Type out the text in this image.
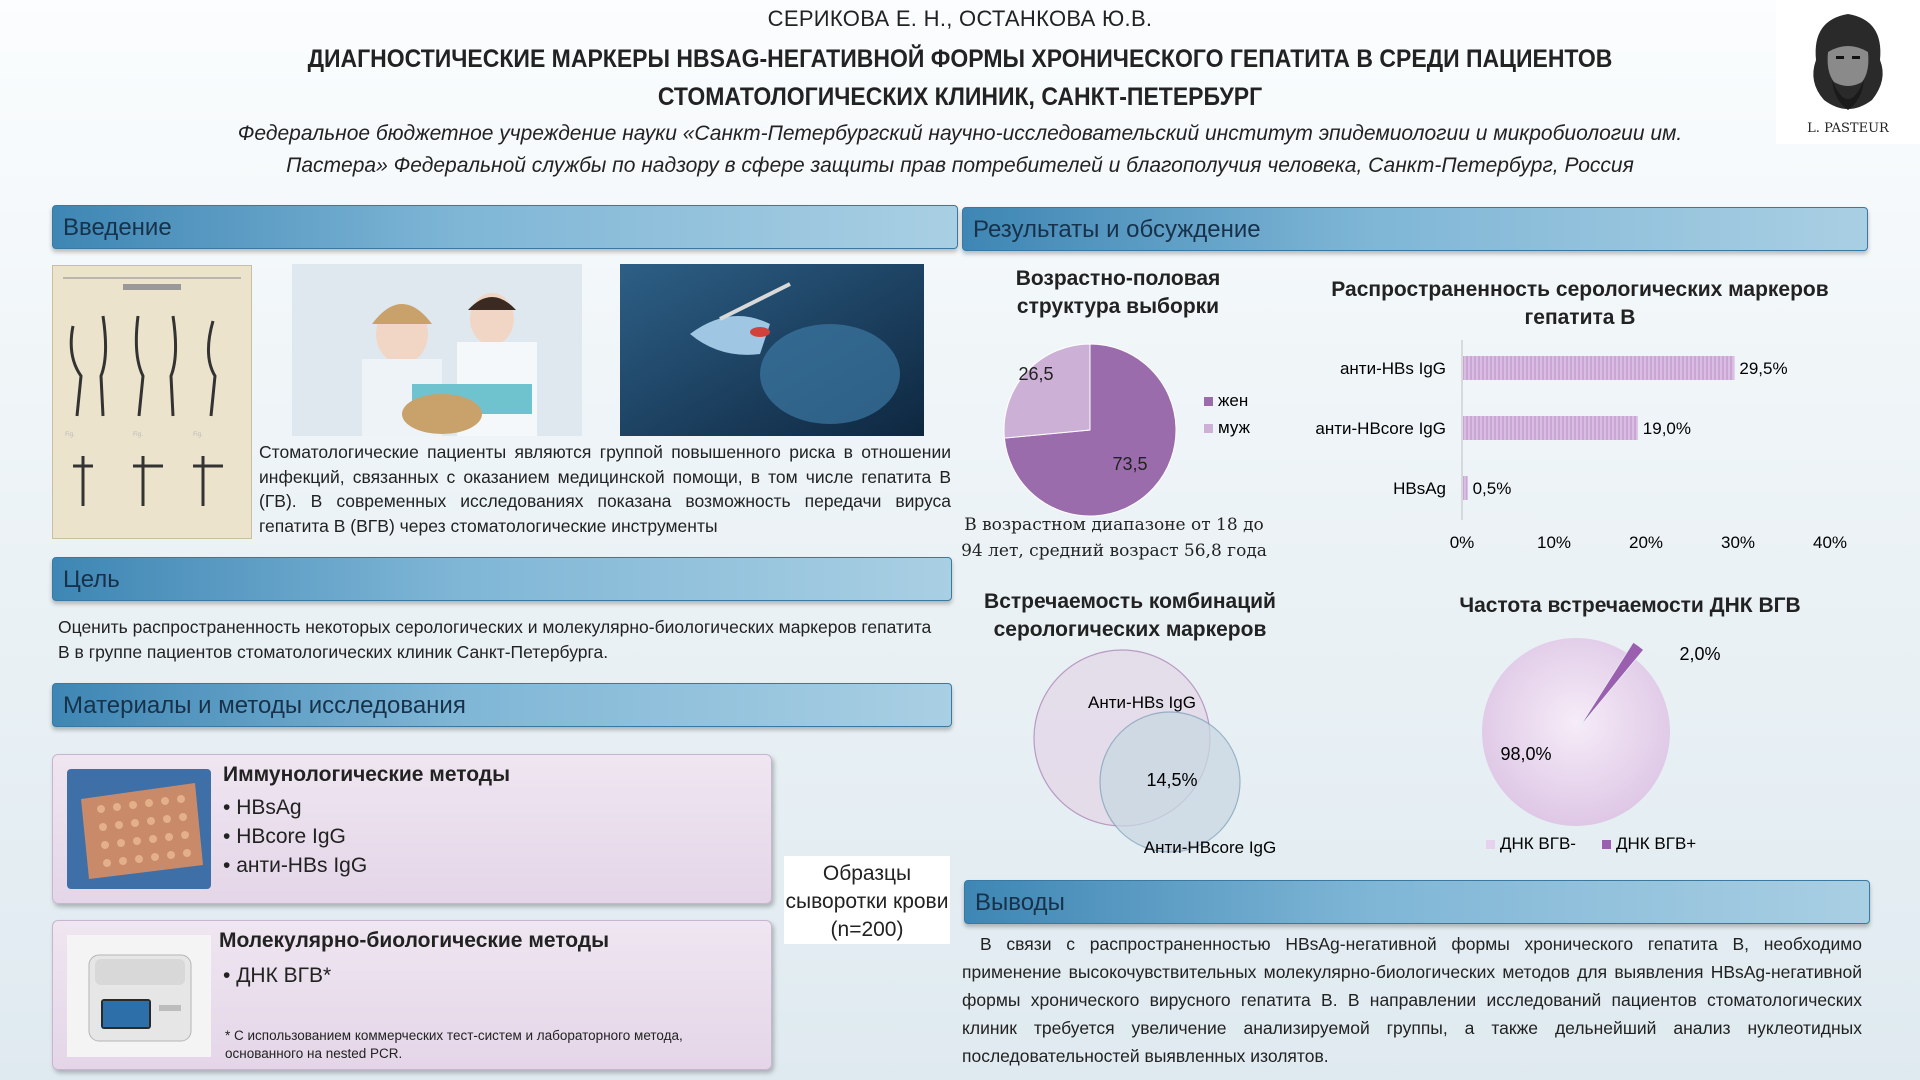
СЕРИКОВА Е. Н., ОСТАНКОВА Ю.В.
ДИАГНОСТИЧЕСКИЕ МАРКЕРЫ HBSAG-НЕГАТИВНОЙ ФОРМЫ ХРОНИЧЕСКОГО ГЕПАТИТА В СРЕДИ ПАЦИЕНТОВ
СТОМАТОЛОГИЧЕСКИХ КЛИНИК, САНКТ-ПЕТЕРБУРГ
Федеральное бюджетное учреждение науки «Санкт-Петербургский научно-исследовательский институт эпидемиологии и микробиологии им.
Пастера» Федеральной службы по надзору в сфере защиты прав потребителей и благополучия человека, Санкт-Петербург, Россия
L. PASTEUR
Введение
Fig.	Fig.	Fig.
Стоматологические пациенты являются группой повышенного риска в отношении инфекций, связанных с оказанием медицинской помощи, в том числе гепатита В (ГВ). В современных исследованиях показана возможность передачи вируса гепатита В (ВГВ) через стоматологические инструменты
Цель
Оценить распространенность некоторых серологических и молекулярно-биологических маркеров гепатита В в группе пациентов стоматологических клиник Санкт-Петербурга.
Материалы и методы исследования
Иммунологические методы
• HBsAg
• HBcore IgG
• анти-HBs IgG
Молекулярно-биологические методы
• ДНК ВГВ*
* С использованием коммерческих тест-систем и лабораторного метода,
основанного на nested PCR.
Образцы сыворотки крови (n=200)
Результаты и обсуждение
Возрастно-половая структура выборки
73,5
26,5
жен
муж
В возрастном диапазоне от 18 до 94 лет, средний возраст 56,8 года
Распространенность серологических маркеров гепатита В
анти-HBs IgG	29,5%
анти-HBcore IgG	19,0%
HBsAg 0,5%
0%	10%	20%	30%	40%
Встречаемость комбинаций серологических маркеров
Анти-HBs IgG
Анти-HBcore IgG
14,5%
Частота встречаемости ДНК ВГВ
98,0%
2,0%
ДНК ВГВ- ДНК ВГВ+
Выводы
В связи с распространенностью HBsAg-негативной формы хронического гепатита В, необходимо применение высокочувствительных молекулярно-биологических методов для выявления HBsAg-негативной формы хронического вирусного гепатита В. В направлении исследований пациентов стоматологических клиник требуется увеличение анализируемой группы, а также дельнейший анализ нуклеотидных последовательностей выявленных изолятов.
